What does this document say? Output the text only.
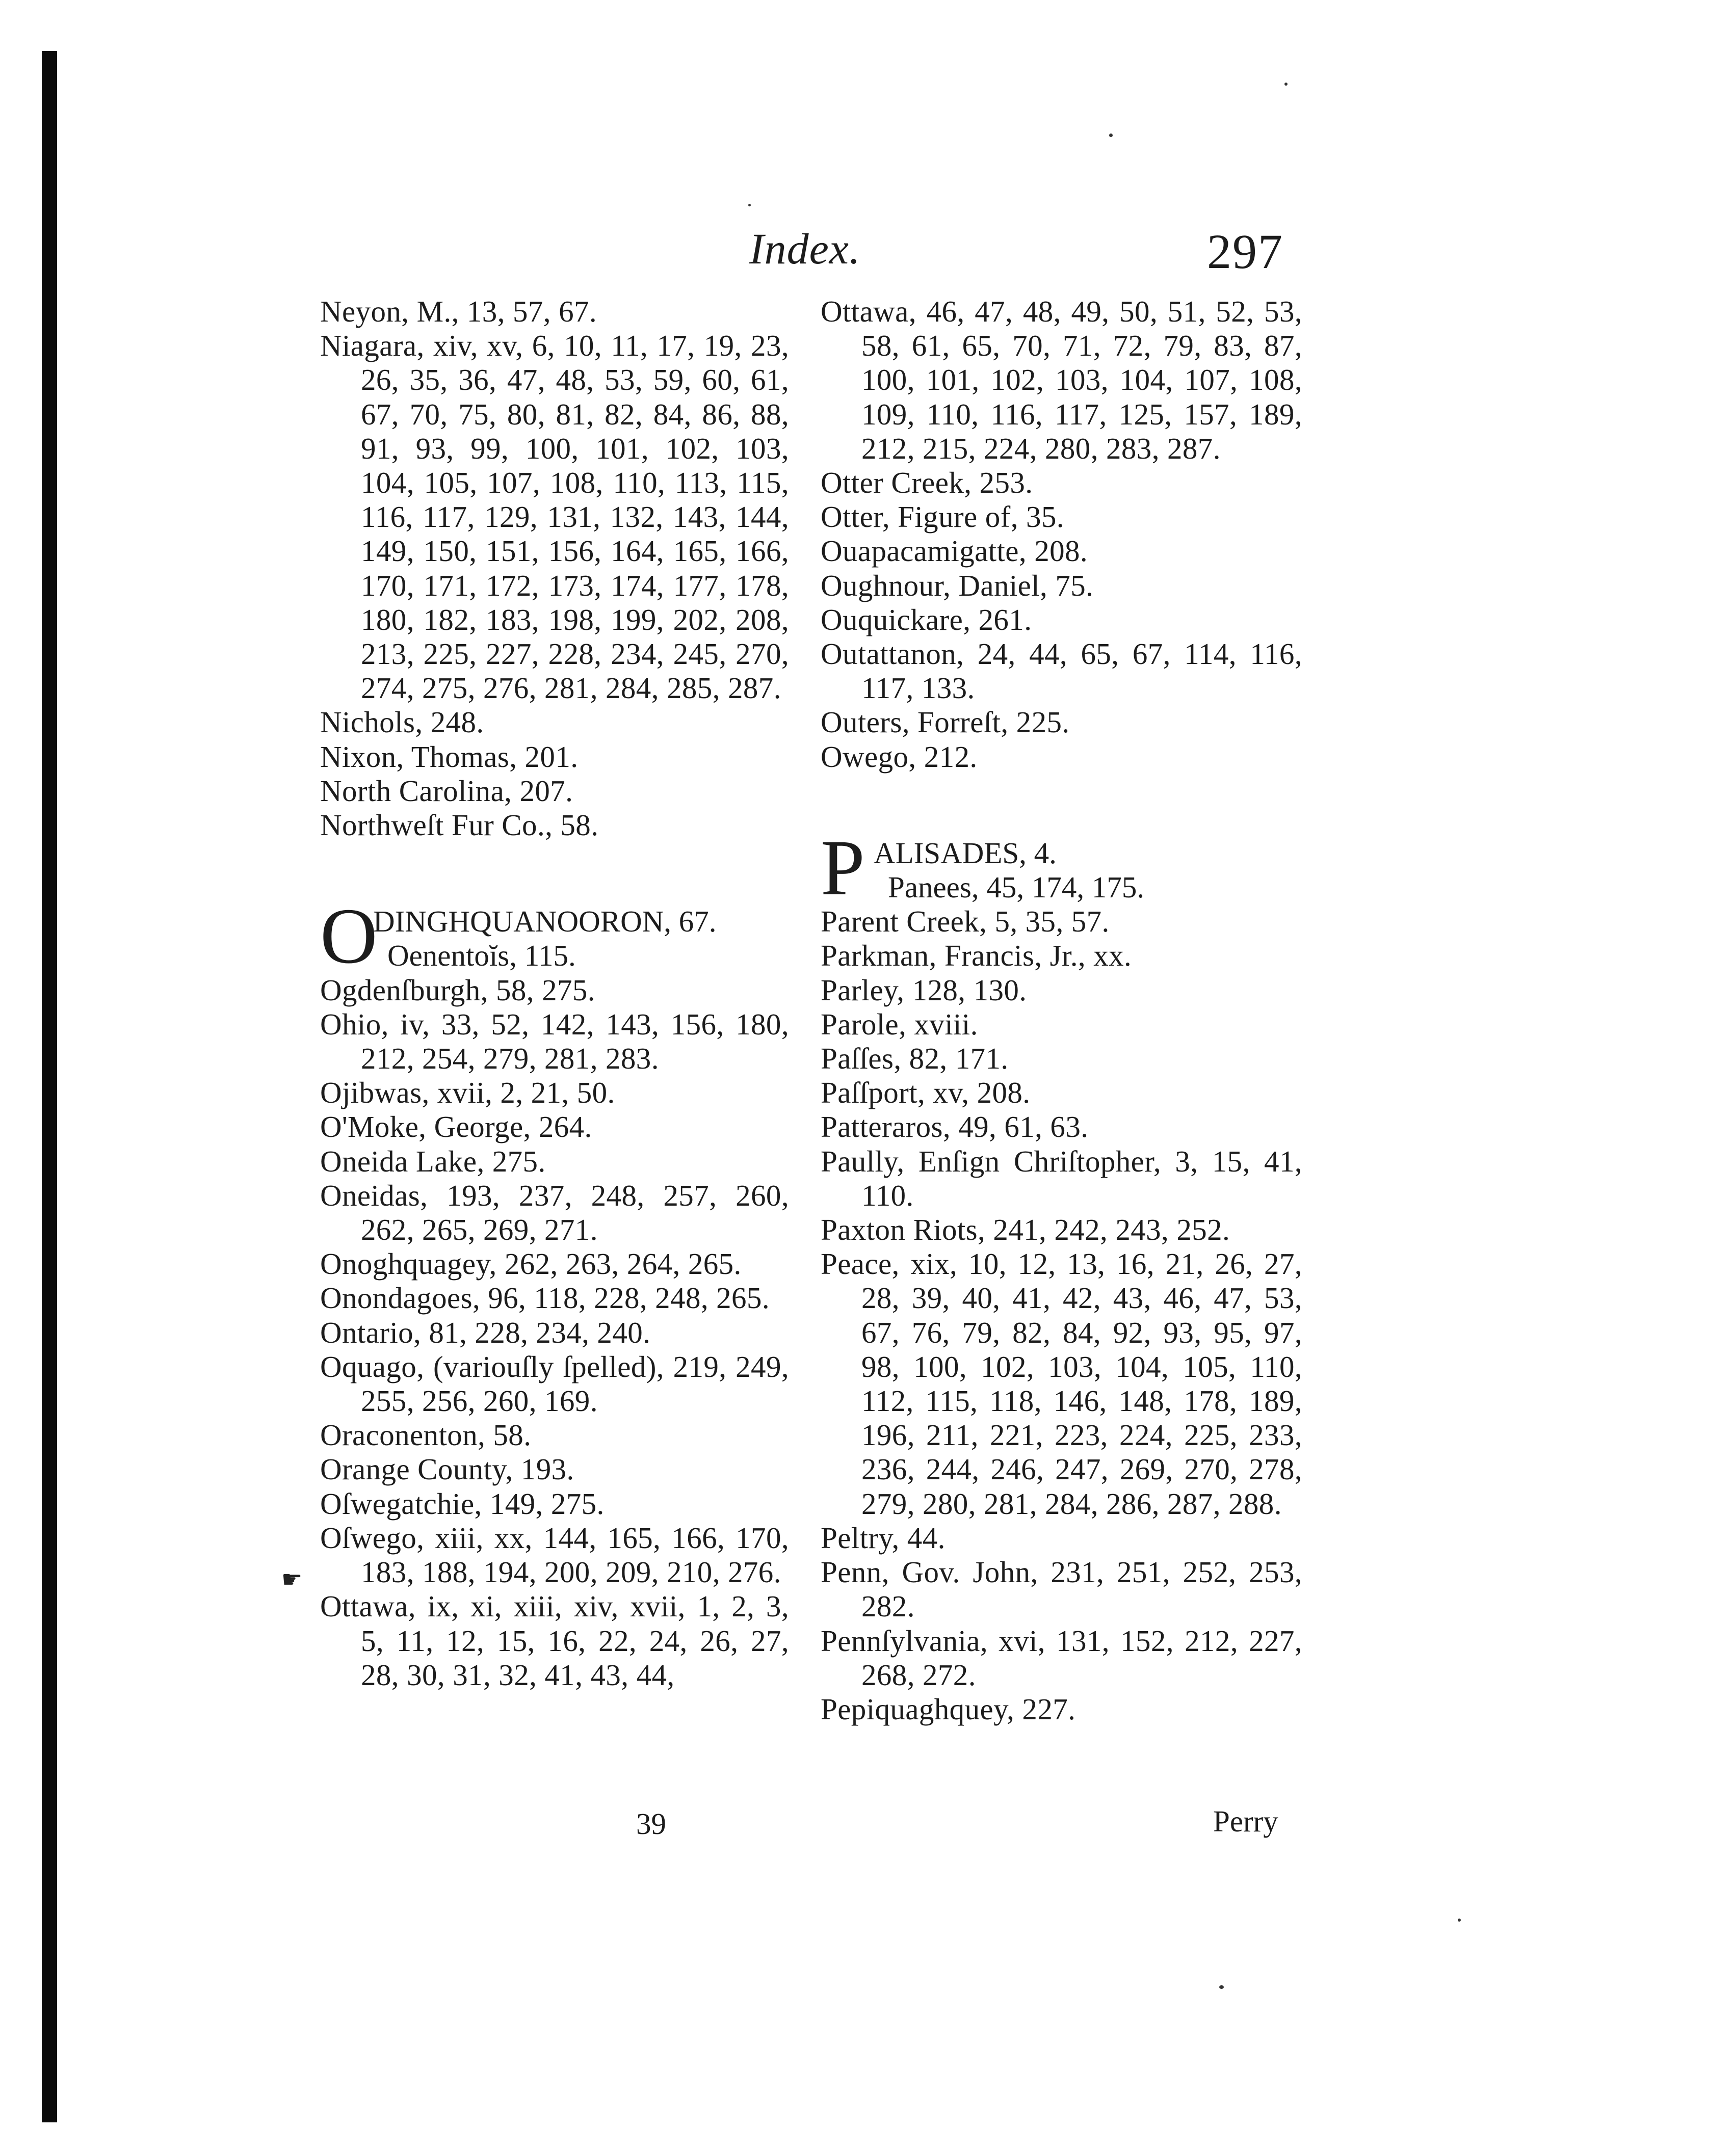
Index.	297
Neyon, M., 13, 57, 67.
Niagara, xiv, xv, 6, 10, 11, 17, 19, 23, 26, 35, 36, 47, 48, 53, 59, 60, 61, 67, 70, 75, 80, 81, 82, 84, 86, 88, 91, 93, 99, 100, 101, 102, 103, 104, 105, 107, 108, 110, 113, 115, 116, 117, 129, 131, 132, 143, 144, 149, 150, 151, 156, 164, 165, 166, 170, 171, 172, 173, 174, 177, 178, 180, 182, 183, 198, 199, 202, 208, 213, 225, 227, 228, 234, 245, 270, 274, 275, 276, 281, 284, 285, 287.
Nichols, 248.
Nixon, Thomas, 201.
North Carolina, 207.
Northweſt Fur Co., 58.
O
DINGHQUANOORON, 67.
Oenentoĭs, 115.
Ogdenſburgh, 58, 275.
Ohio, iv, 33, 52, 142, 143, 156, 180, 212, 254, 279, 281, 283.
Ojibwas, xvii, 2, 21, 50.
O'Moke, George, 264.
Oneida Lake, 275.
Oneidas, 193, 237, 248, 257, 260, 262, 265, 269, 271.
Onoghquagey, 262, 263, 264, 265.
Onondagoes, 96, 118, 228, 248, 265.
Ontario, 81, 228, 234, 240.
Oquago, (variouſly ſpelled), 219, 249, 255, 256, 260, 169.
Oraconenton, 58.
Orange County, 193.
Oſwegatchie, 149, 275.
Oſwego, xiii, xx, 144, 165, 166, 170, 183, 188, 194, 200, 209, 210, 276.
Ottawa, ix, xi, xiii, xiv, xvii, 1, 2, 3, 5, 11, 12, 15, 16, 22, 24, 26, 27, 28, 30, 31, 32, 41, 43, 44,
Ottawa, 46, 47, 48, 49, 50, 51, 52, 53, 58, 61, 65, 70, 71, 72, 79, 83, 87, 100, 101, 102, 103, 104, 107, 108, 109, 110, 116, 117, 125, 157, 189, 212, 215, 224, 280, 283, 287.
Otter Creek, 253.
Otter, Figure of, 35.
Ouapacamigatte, 208.
Oughnour, Daniel, 75.
Ouquickare, 261.
Outattanon, 24, 44, 65, 67, 114, 116, 117, 133.
Outers, Forreſt, 225.
Owego, 212.
P ALISADES, 4.
Panees, 45, 174, 175.
Parent Creek, 5, 35, 57.
Parkman, Francis, Jr., xx.
Parley, 128, 130.
Parole, xviii.
Paſſes, 82, 171.
Paſſport, xv, 208.
Patteraros, 49, 61, 63.
Paully, Enſign Chriſtopher, 3, 15, 41, 110.
Paxton Riots, 241, 242, 243, 252.
Peace, xix, 10, 12, 13, 16, 21, 26, 27, 28, 39, 40, 41, 42, 43, 46, 47, 53, 67, 76, 79, 82, 84, 92, 93, 95, 97, 98, 100, 102, 103, 104, 105, 110, 112, 115, 118, 146, 148, 178, 189, 196, 211, 221, 223, 224, 225, 233, 236, 244, 246, 247, 269, 270, 278, 279, 280, 281, 284, 286, 287, 288.
Peltry, 44.
Penn, Gov. John, 231, 251, 252, 253, 282.
Pennſylvania, xvi, 131, 152, 212, 227, 268, 272.
Pepiquaghquey, 227.
☛
39	Perry
